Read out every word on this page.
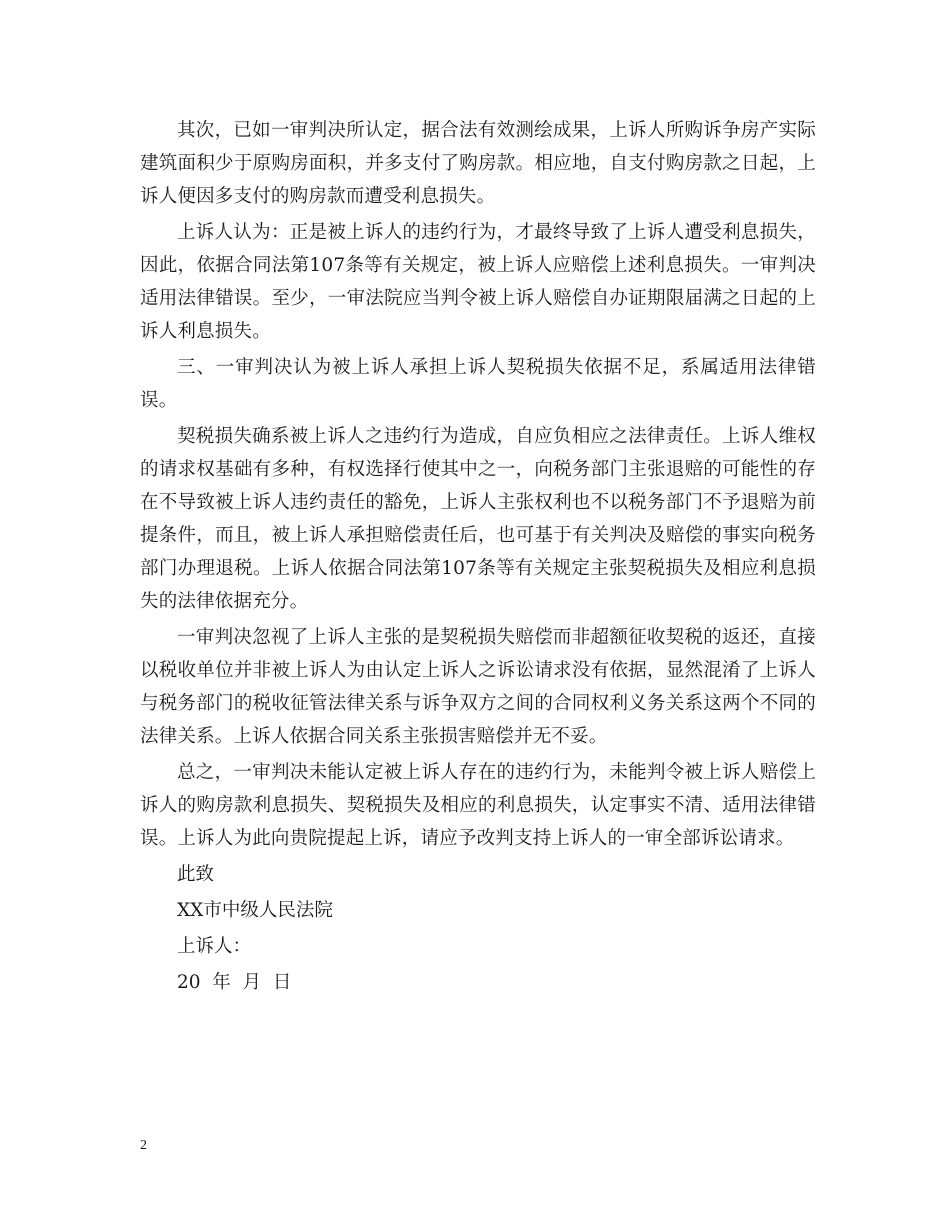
其次，已如一审判决所认定，据合法有效测绘成果，上诉人所购诉争房产实际建筑面积少于原购房面积，并多支付了购房款。相应地，自支付购房款之日起，上诉人便因多支付的购房款而遭受利息损失。

上诉人认为：正是被上诉人的违约行为，才最终导致了上诉人遭受利息损失，因此，依据合同法第107条等有关规定，被上诉人应赔偿上述利息损失。一审判决适用法律错误。至少，一审法院应当判令被上诉人赔偿自办证期限届满之日起的上诉人利息损失。

三、一审判决认为被上诉人承担上诉人契税损失依据不足，系属适用法律错误。

契税损失确系被上诉人之违约行为造成，自应负相应之法律责任。上诉人维权的请求权基础有多种，有权选择行使其中之一，向税务部门主张退赔的可能性的存在不导致被上诉人违约责任的豁免，上诉人主张权利也不以税务部门不予退赔为前提条件，而且，被上诉人承担赔偿责任后，也可基于有关判决及赔偿的事实向税务部门办理退税。上诉人依据合同法第107条等有关规定主张契税损失及相应利息损失的法律依据充分。

一审判决忽视了上诉人主张的是契税损失赔偿而非超额征收契税的返还，直接以税收单位并非被上诉人为由认定上诉人之诉讼请求没有依据，显然混淆了上诉人与税务部门的税收征管法律关系与诉争双方之间的合同权利义务关系这两个不同的法律关系。上诉人依据合同关系主张损害赔偿并无不妥。

总之，一审判决未能认定被上诉人存在的违约行为，未能判令被上诉人赔偿上诉人的购房款利息损失、契税损失及相应的利息损失，认定事实不清、适用法律错误。上诉人为此向贵院提起上诉，请应予改判支持上诉人的一审全部诉讼请求。

此致

XX市中级人民法院

上诉人：

20  年  月  日

2
